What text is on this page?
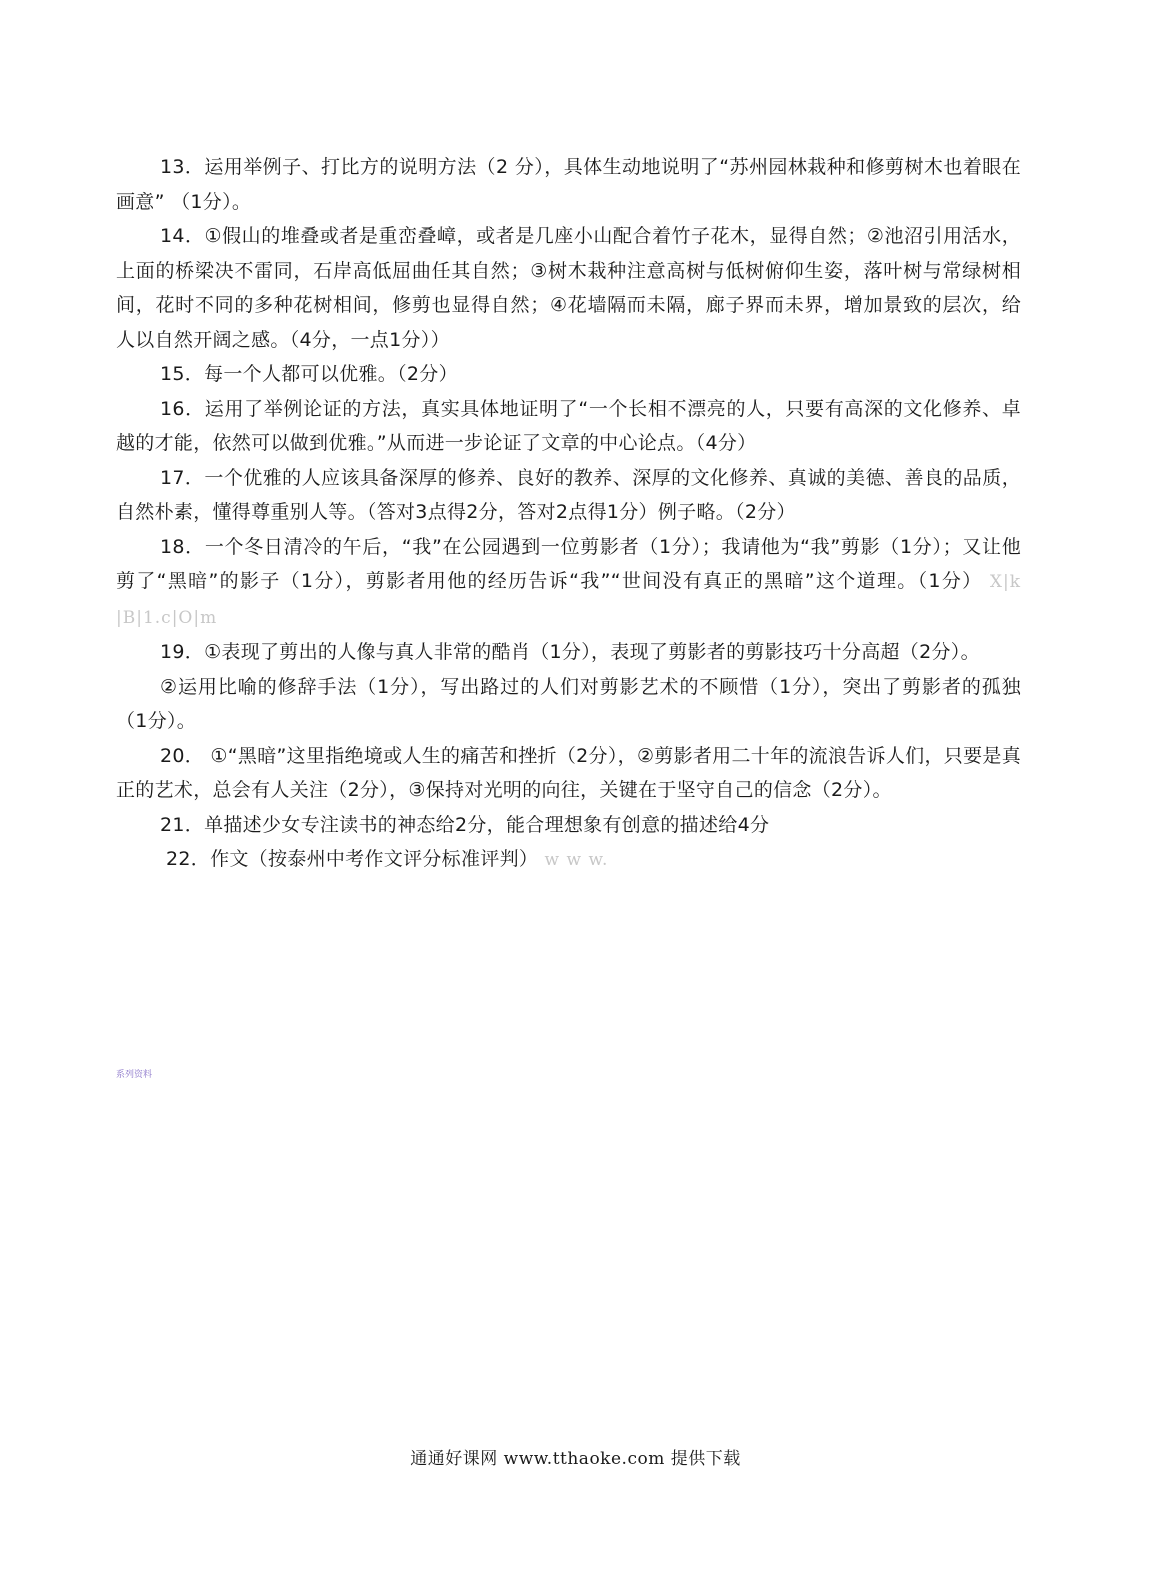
13．运用举例子、打比方的说明方法（2 分），具体生动地说明了“苏州园林栽种和修剪树木也着眼在画意” （1分）。

14．①假山的堆叠或者是重峦叠嶂，或者是几座小山配合着竹子花木，显得自然；②池沼引用活水，上面的桥梁决不雷同，石岸高低屈曲任其自然；③树木栽种注意高树与低树俯仰生姿，落叶树与常绿树相间，花时不同的多种花树相间，修剪也显得自然；④花墙隔而未隔，廊子界而未界，增加景致的层次，给人以自然开阔之感。（4分，一点1分））

15．每一个人都可以优雅。（2分）

16．运用了举例论证的方法，真实具体地证明了“一个长相不漂亮的人，只要有高深的文化修养、卓越的才能，依然可以做到优雅。”从而进一步论证了文章的中心论点。（4分）

17．一个优雅的人应该具备深厚的修养、良好的教养、深厚的文化修养、真诚的美德、善良的品质，自然朴素，懂得尊重别人等。（答对3点得2分，答对2点得1分）例子略。（2分）

18．一个冬日清冷的午后，“我”在公园遇到一位剪影者（1分）；我请他为“我”剪影（1分）；又让他剪了“黑暗”的影子（1分），剪影者用他的经历告诉“我”“世间没有真正的黑暗”这个道理。（1分） X|k |B|1.c|O|m

19．①表现了剪出的人像与真人非常的酷肖（1分），表现了剪影者的剪影技巧十分高超（2分）。

②运用比喻的修辞手法（1分），写出路过的人们对剪影艺术的不顾惜（1分），突出了剪影者的孤独（1分）。

20． ①“黑暗”这里指绝境或人生的痛苦和挫折（2分），②剪影者用二十年的流浪告诉人们，只要是真正的艺术，总会有人关注（2分），③保持对光明的向往，关键在于坚守自己的信念（2分）。

21．单描述少女专注读书的神态给2分，能合理想象有创意的描述给4分

22．作文（按泰州中考作文评分标准评判） w w w.

系列资料
通通好课网 www.tthaoke.com 提供下载
